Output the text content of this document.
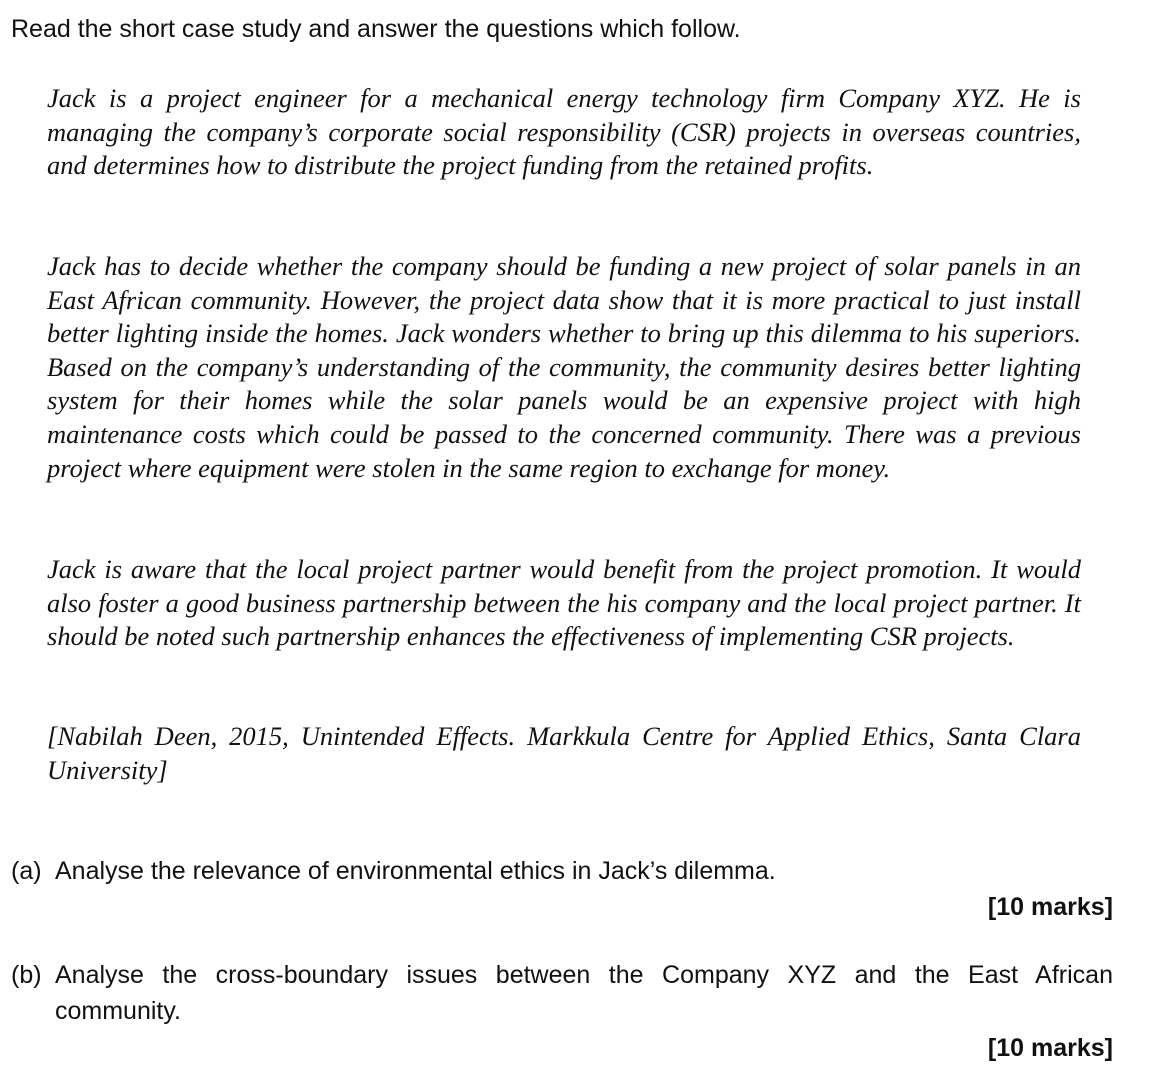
Read the short case study and answer the questions which follow.

Jack is a project engineer for a mechanical energy technology firm Company XYZ. He is managing the company’s corporate social responsibility (CSR) projects in overseas countries, and determines how to distribute the project funding from the retained profits.

Jack has to decide whether the company should be funding a new project of solar panels in an East African community. However, the project data show that it is more practical to just install better lighting inside the homes. Jack wonders whether to bring up this dilemma to his superiors. Based on the company’s understanding of the community, the community desires better lighting system for their homes while the solar panels would be an expensive project with high maintenance costs which could be passed to the concerned community. There was a previous project where equipment were stolen in the same region to exchange for money.

Jack is aware that the local project partner would benefit from the project promotion. It would also foster a good business partnership between the his company and the local project partner. It should be noted such partnership enhances the effectiveness of implementing CSR projects.

[Nabilah Deen, 2015, Unintended Effects. Markkula Centre for Applied Ethics, Santa Clara University]

(a) Analyse the relevance of environmental ethics in Jack’s dilemma.
[10 marks]
(b) Analyse the cross-boundary issues between the Company XYZ and the East African community.
[10 marks]
